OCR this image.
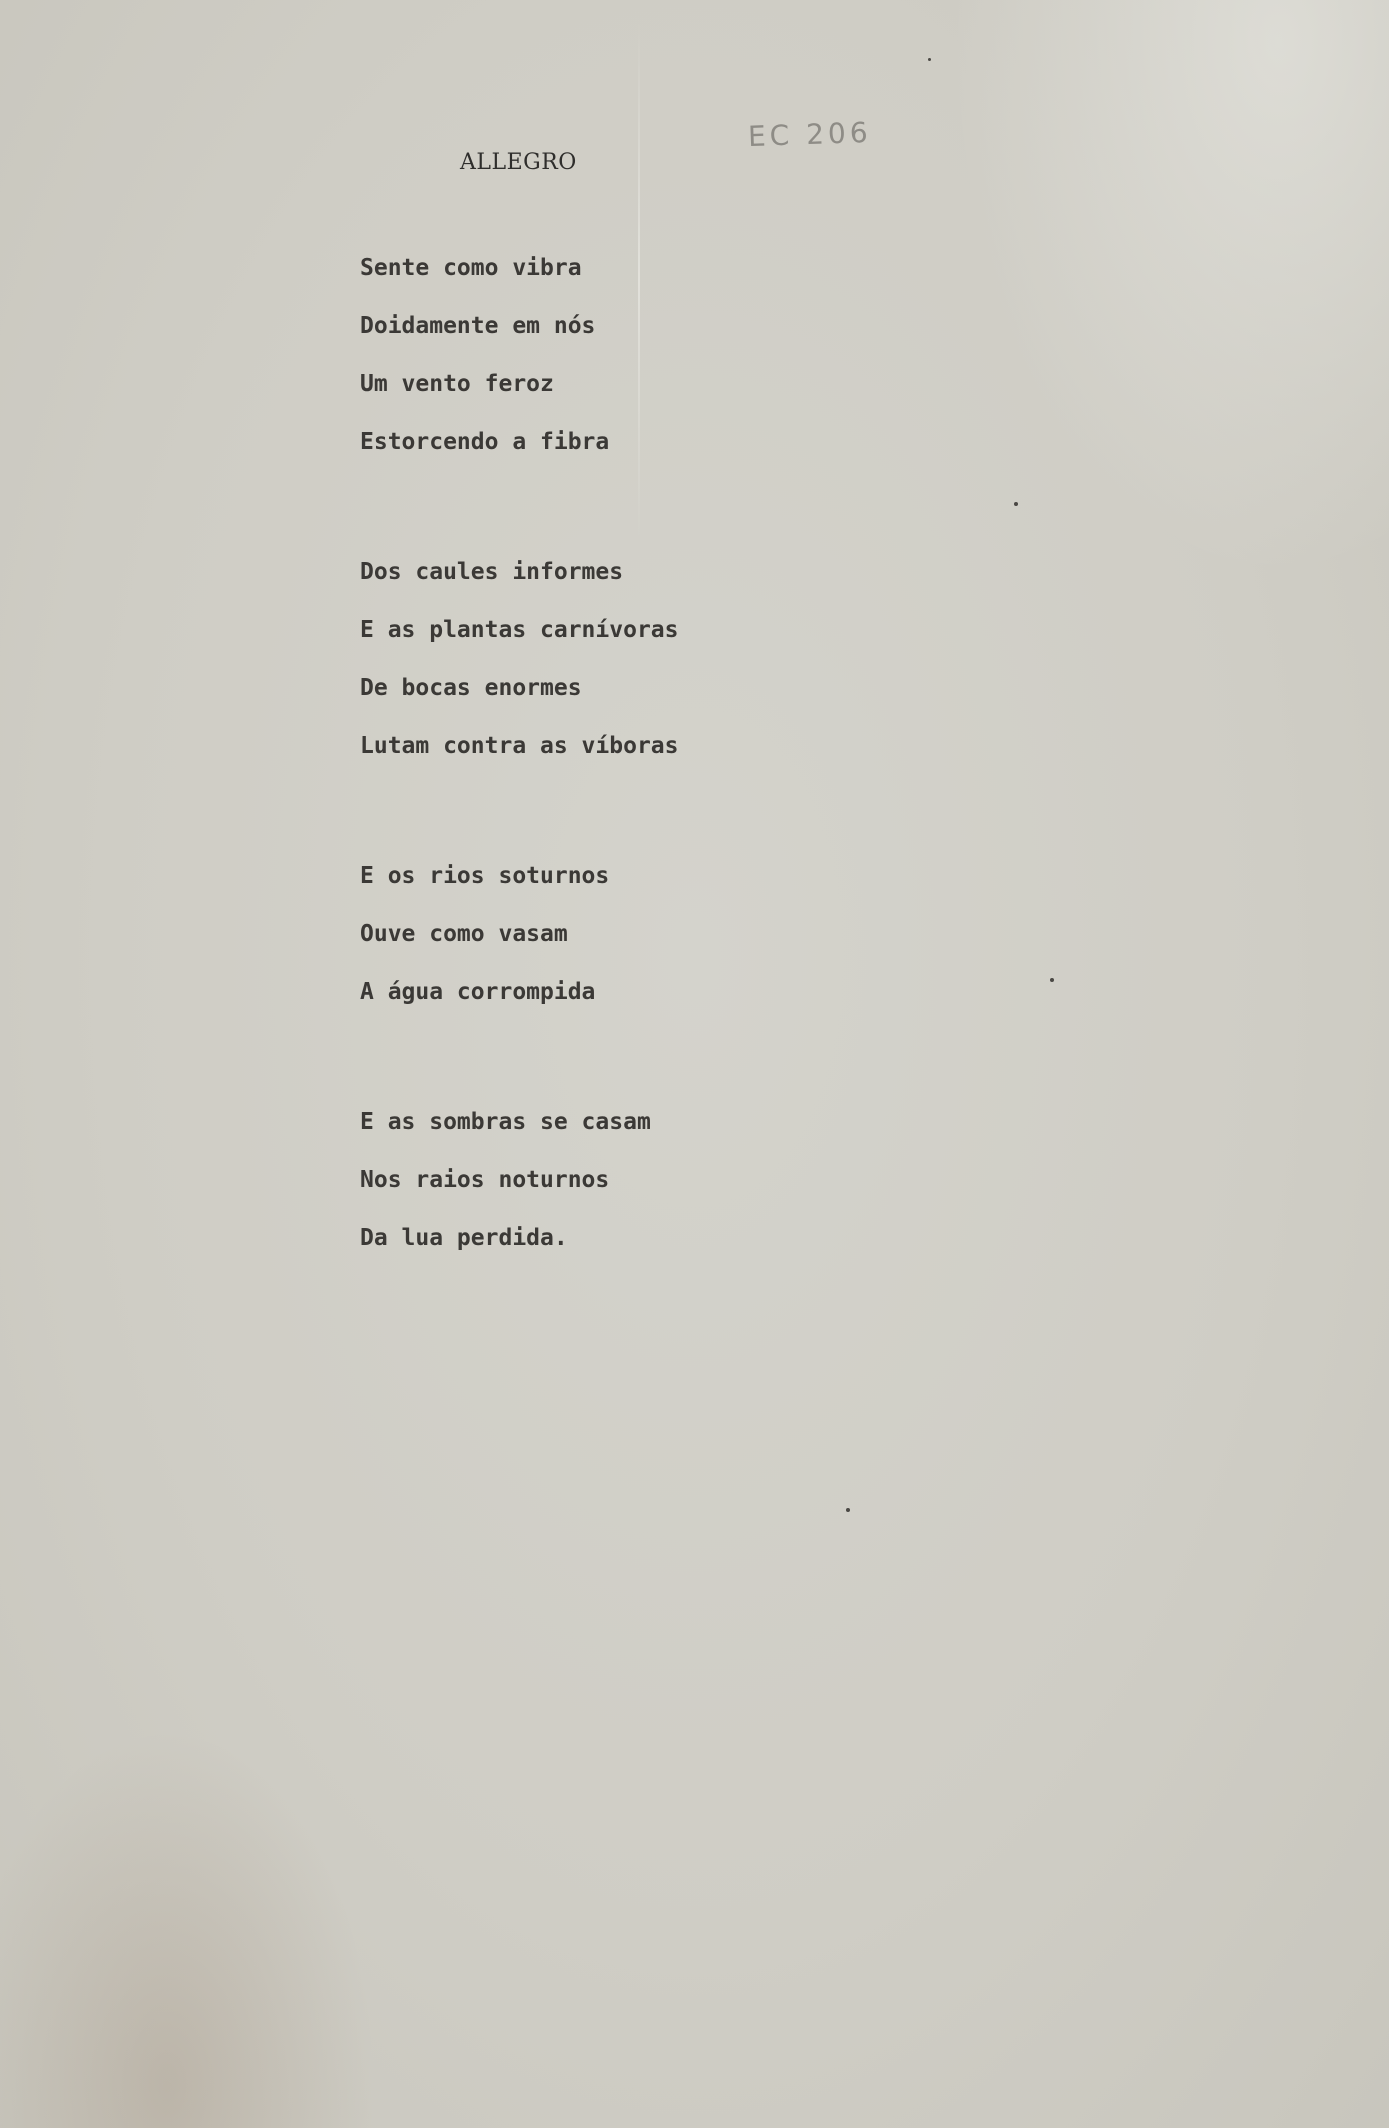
ALLEGRO
EC 206
Sente como vibra
Doidamente em nós
Um vento feroz
Estorcendo a fibra
Dos caules informes
E as plantas carnívoras
De bocas enormes
Lutam contra as víboras
E os rios soturnos
Ouve como vasam
A água corrompida
E as sombras se casam
Nos raios noturnos
Da lua perdida.
